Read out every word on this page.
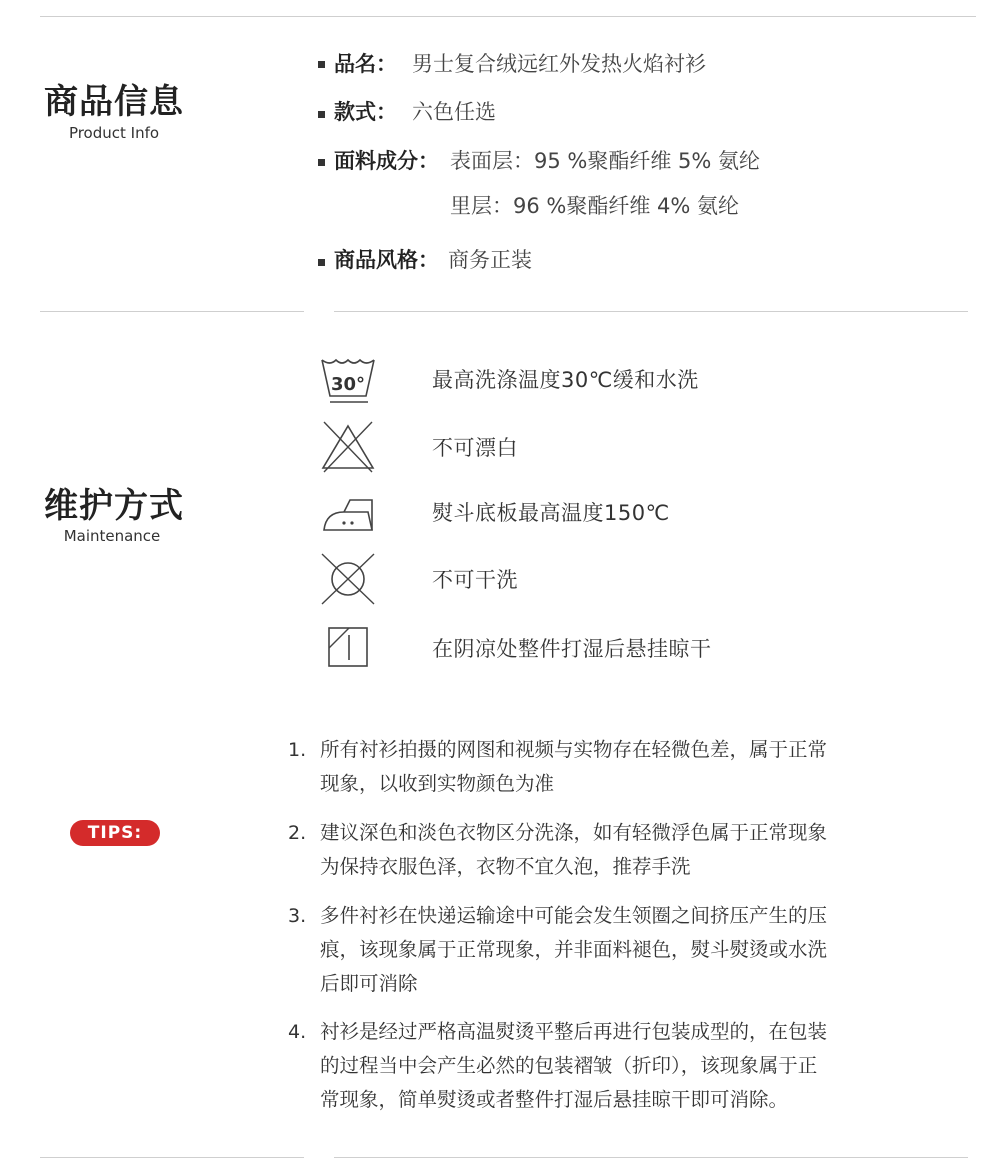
商品信息
Product Info
品名： 男士复合绒远红外发热火焰衬衫
款式： 六色任选
面料成分： 表面层：95 %聚酯纤维 5% 氨纶
里层：96 %聚酯纤维 4% 氨纶
商品风格： 商务正装
维护方式
Maintenance
30°	最高洗涤温度30℃缓和水洗
不可漂白
熨斗底板最高温度150℃
不可干洗
在阴凉处整件打湿后悬挂晾干
TIPS:
1. 所有衬衫拍摄的网图和视频与实物存在轻微色差，属于正常
现象，以收到实物颜色为准
2. 建议深色和淡色衣物区分洗涤，如有轻微浮色属于正常现象
为保持衣服色泽，衣物不宜久泡，推荐手洗
3. 多件衬衫在快递运输途中可能会发生领圈之间挤压产生的压
痕，该现象属于正常现象，并非面料褪色，熨斗熨烫或水洗
后即可消除
4. 衬衫是经过严格高温熨烫平整后再进行包装成型的，在包装
的过程当中会产生必然的包装褶皱（折印），该现象属于正
常现象，简单熨烫或者整件打湿后悬挂晾干即可消除。
